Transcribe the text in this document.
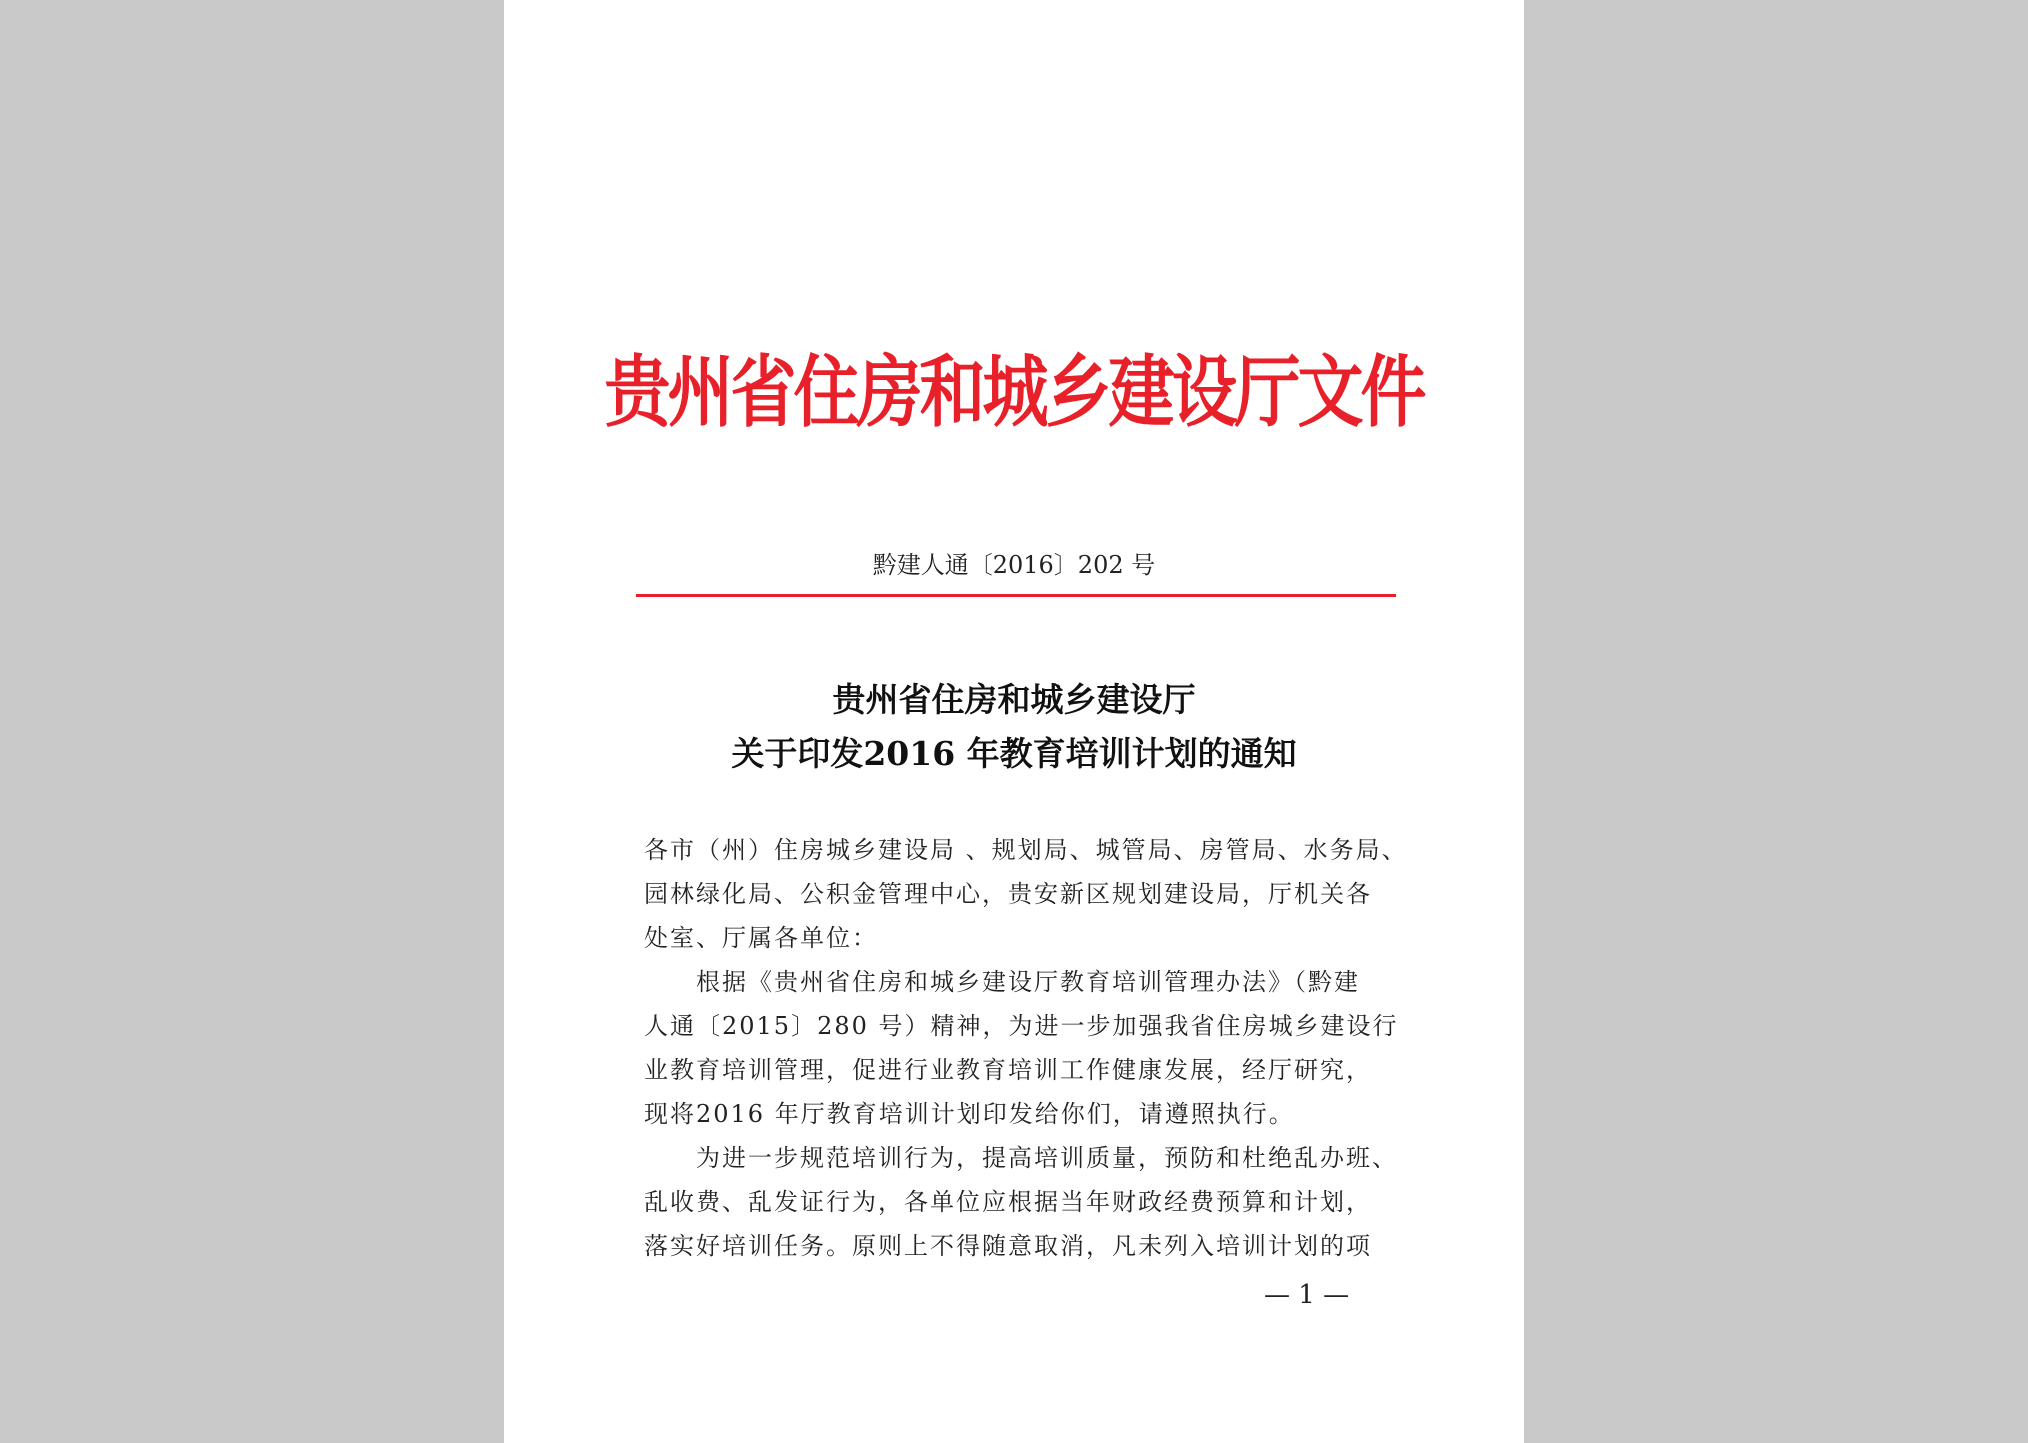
贵州省住房和城乡建设厅文件
黔建人通〔2016〕202 号
贵州省住房和城乡建设厅
关于印发2016 年教育培训计划的通知
各市（州）住房城乡建设局 、规划局、城管局、房管局、水务局、
园林绿化局、公积金管理中心，贵安新区规划建设局，厅机关各
处室、厅属各单位：
　　根据《贵州省住房和城乡建设厅教育培训管理办法》（黔建
人通〔2015〕280 号）精神，为进一步加强我省住房城乡建设行
业教育培训管理，促进行业教育培训工作健康发展，经厅研究，
现将2016 年厅教育培训计划印发给你们，请遵照执行。
　　为进一步规范培训行为，提高培训质量，预防和杜绝乱办班、
乱收费、乱发证行为，各单位应根据当年财政经费预算和计划，
落实好培训任务。原则上不得随意取消，凡未列入培训计划的项
— 1 —
